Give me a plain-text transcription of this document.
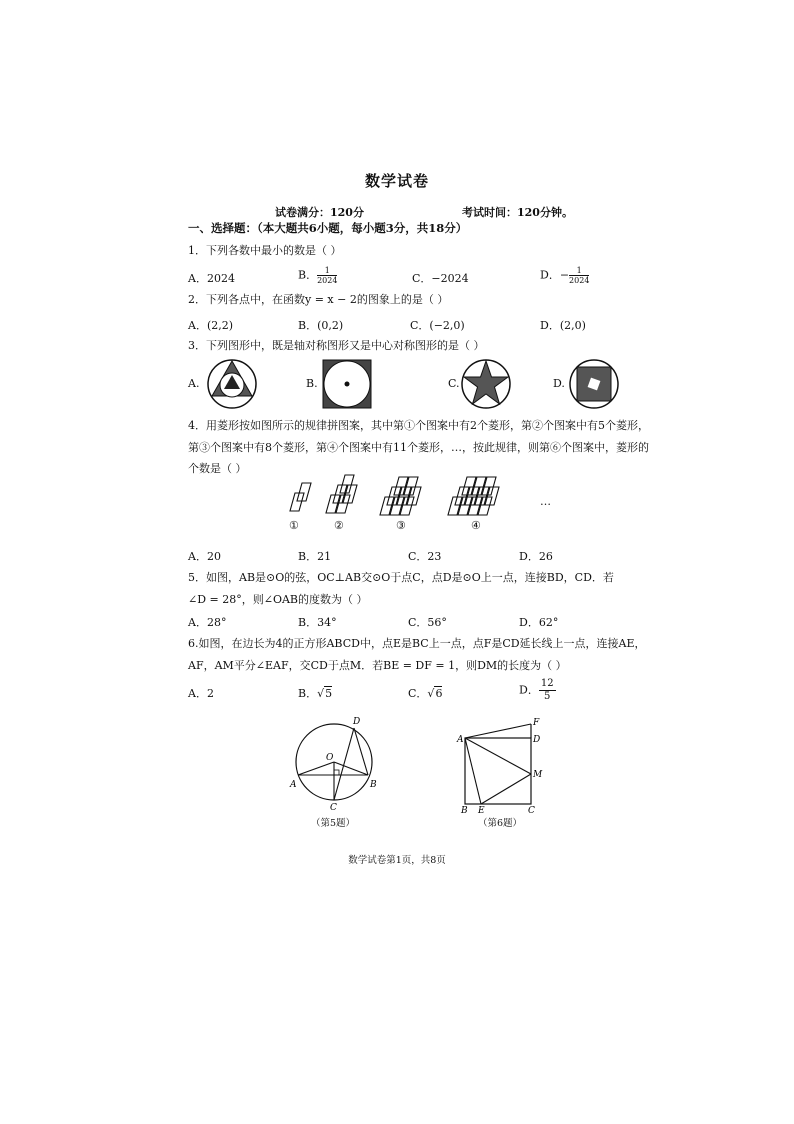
数学试卷
试卷满分：120分	考试时间：120分钟。
一、选择题：（本大题共6小题，每小题3分，共18分）
1．下列各数中最小的数是（ ）
A．2024	B． $\frac{1}{2024}$	C．−2024	D．− $\frac{1}{2024}$
2．下列各点中，在函数y = x − 2的图象上的是（ ）
A．(2,2)	B．(0,2)	C．(−2,0)	D．(2,0)
3．下列图形中，既是轴对称图形又是中心对称图形的是（ ）
A.	B.	C.	D.
4．用菱形按如图所示的规律拼图案，其中第①个图案中有2个菱形，第②个图案中有5个菱形，
第③个图案中有8个菱形，第④个图案中有11个菱形，…，按此规律，则第⑥个图案中，菱形的
个数是（ ）
①	②	③	④
…
A．20	B．21	C．23	D．26
5．如图，AB是⊙O的弦，OC⊥AB交⊙O于点C，点D是⊙O上一点，连接BD，CD．若
∠D = 28°，则∠OAB的度数为（ ）
A．28°	B．34°	C．56°	D．62°
6.如图，在边长为4的正方形ABCD中，点E是BC上一点，点F是CD延长线上一点，连接AE，
AF，AM平分∠EAF，交CD于点M．若BE = DF = 1，则DM的长度为（ ）
A．2	B．√5	C．√6	D． $\frac{12}{5}$
D
O
A	B
C
（第5题）
F
A	D
M
B E	C
（第6题）
数学试卷第1页，共8页
